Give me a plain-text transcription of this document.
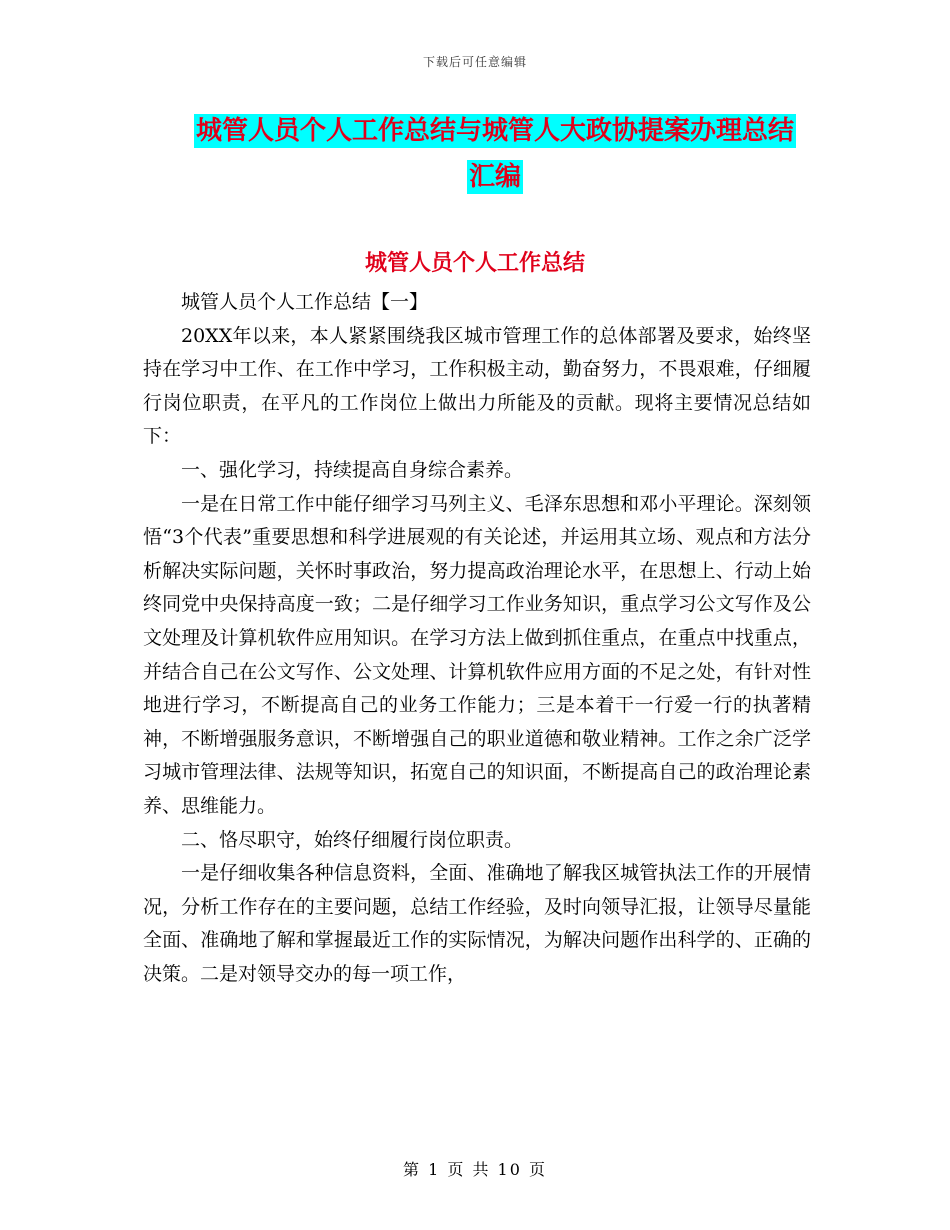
下载后可任意编辑
城管人员个人工作总结与城管人大政协提案办理总结
汇编
城管人员个人工作总结

城管人员个人工作总结【一】

20XX年以来，本人紧紧围绕我区城市管理工作的总体部署及要求，始终坚持在学习中工作、在工作中学习，工作积极主动，勤奋努力，不畏艰难，仔细履行岗位职责，在平凡的工作岗位上做出力所能及的贡献。现将主要情况总结如下：

一、强化学习，持续提高自身综合素养。

一是在日常工作中能仔细学习马列主义、毛泽东思想和邓小平理论。深刻领悟“3个代表”重要思想和科学进展观的有关论述，并运用其立场、观点和方法分析解决实际问题，关怀时事政治，努力提高政治理论水平，在思想上、行动上始终同党中央保持高度一致；二是仔细学习工作业务知识，重点学习公文写作及公文处理及计算机软件应用知识。在学习方法上做到抓住重点，在重点中找重点，并结合自己在公文写作、公文处理、计算机软件应用方面的不足之处，有针对性地进行学习，不断提高自己的业务工作能力；三是本着干一行爱一行的执著精神，不断增强服务意识，不断增强自己的职业道德和敬业精神。工作之余广泛学习城市管理法律、法规等知识，拓宽自己的知识面，不断提高自己的政治理论素养、思维能力。

二、恪尽职守，始终仔细履行岗位职责。

一是仔细收集各种信息资料，全面、准确地了解我区城管执法工作的开展情况，分析工作存在的主要问题，总结工作经验，及时向领导汇报，让领导尽量能全面、准确地了解和掌握最近工作的实际情况，为解决问题作出科学的、正确的决策。二是对领导交办的每一项工作，

第 1 页 共 10 页
